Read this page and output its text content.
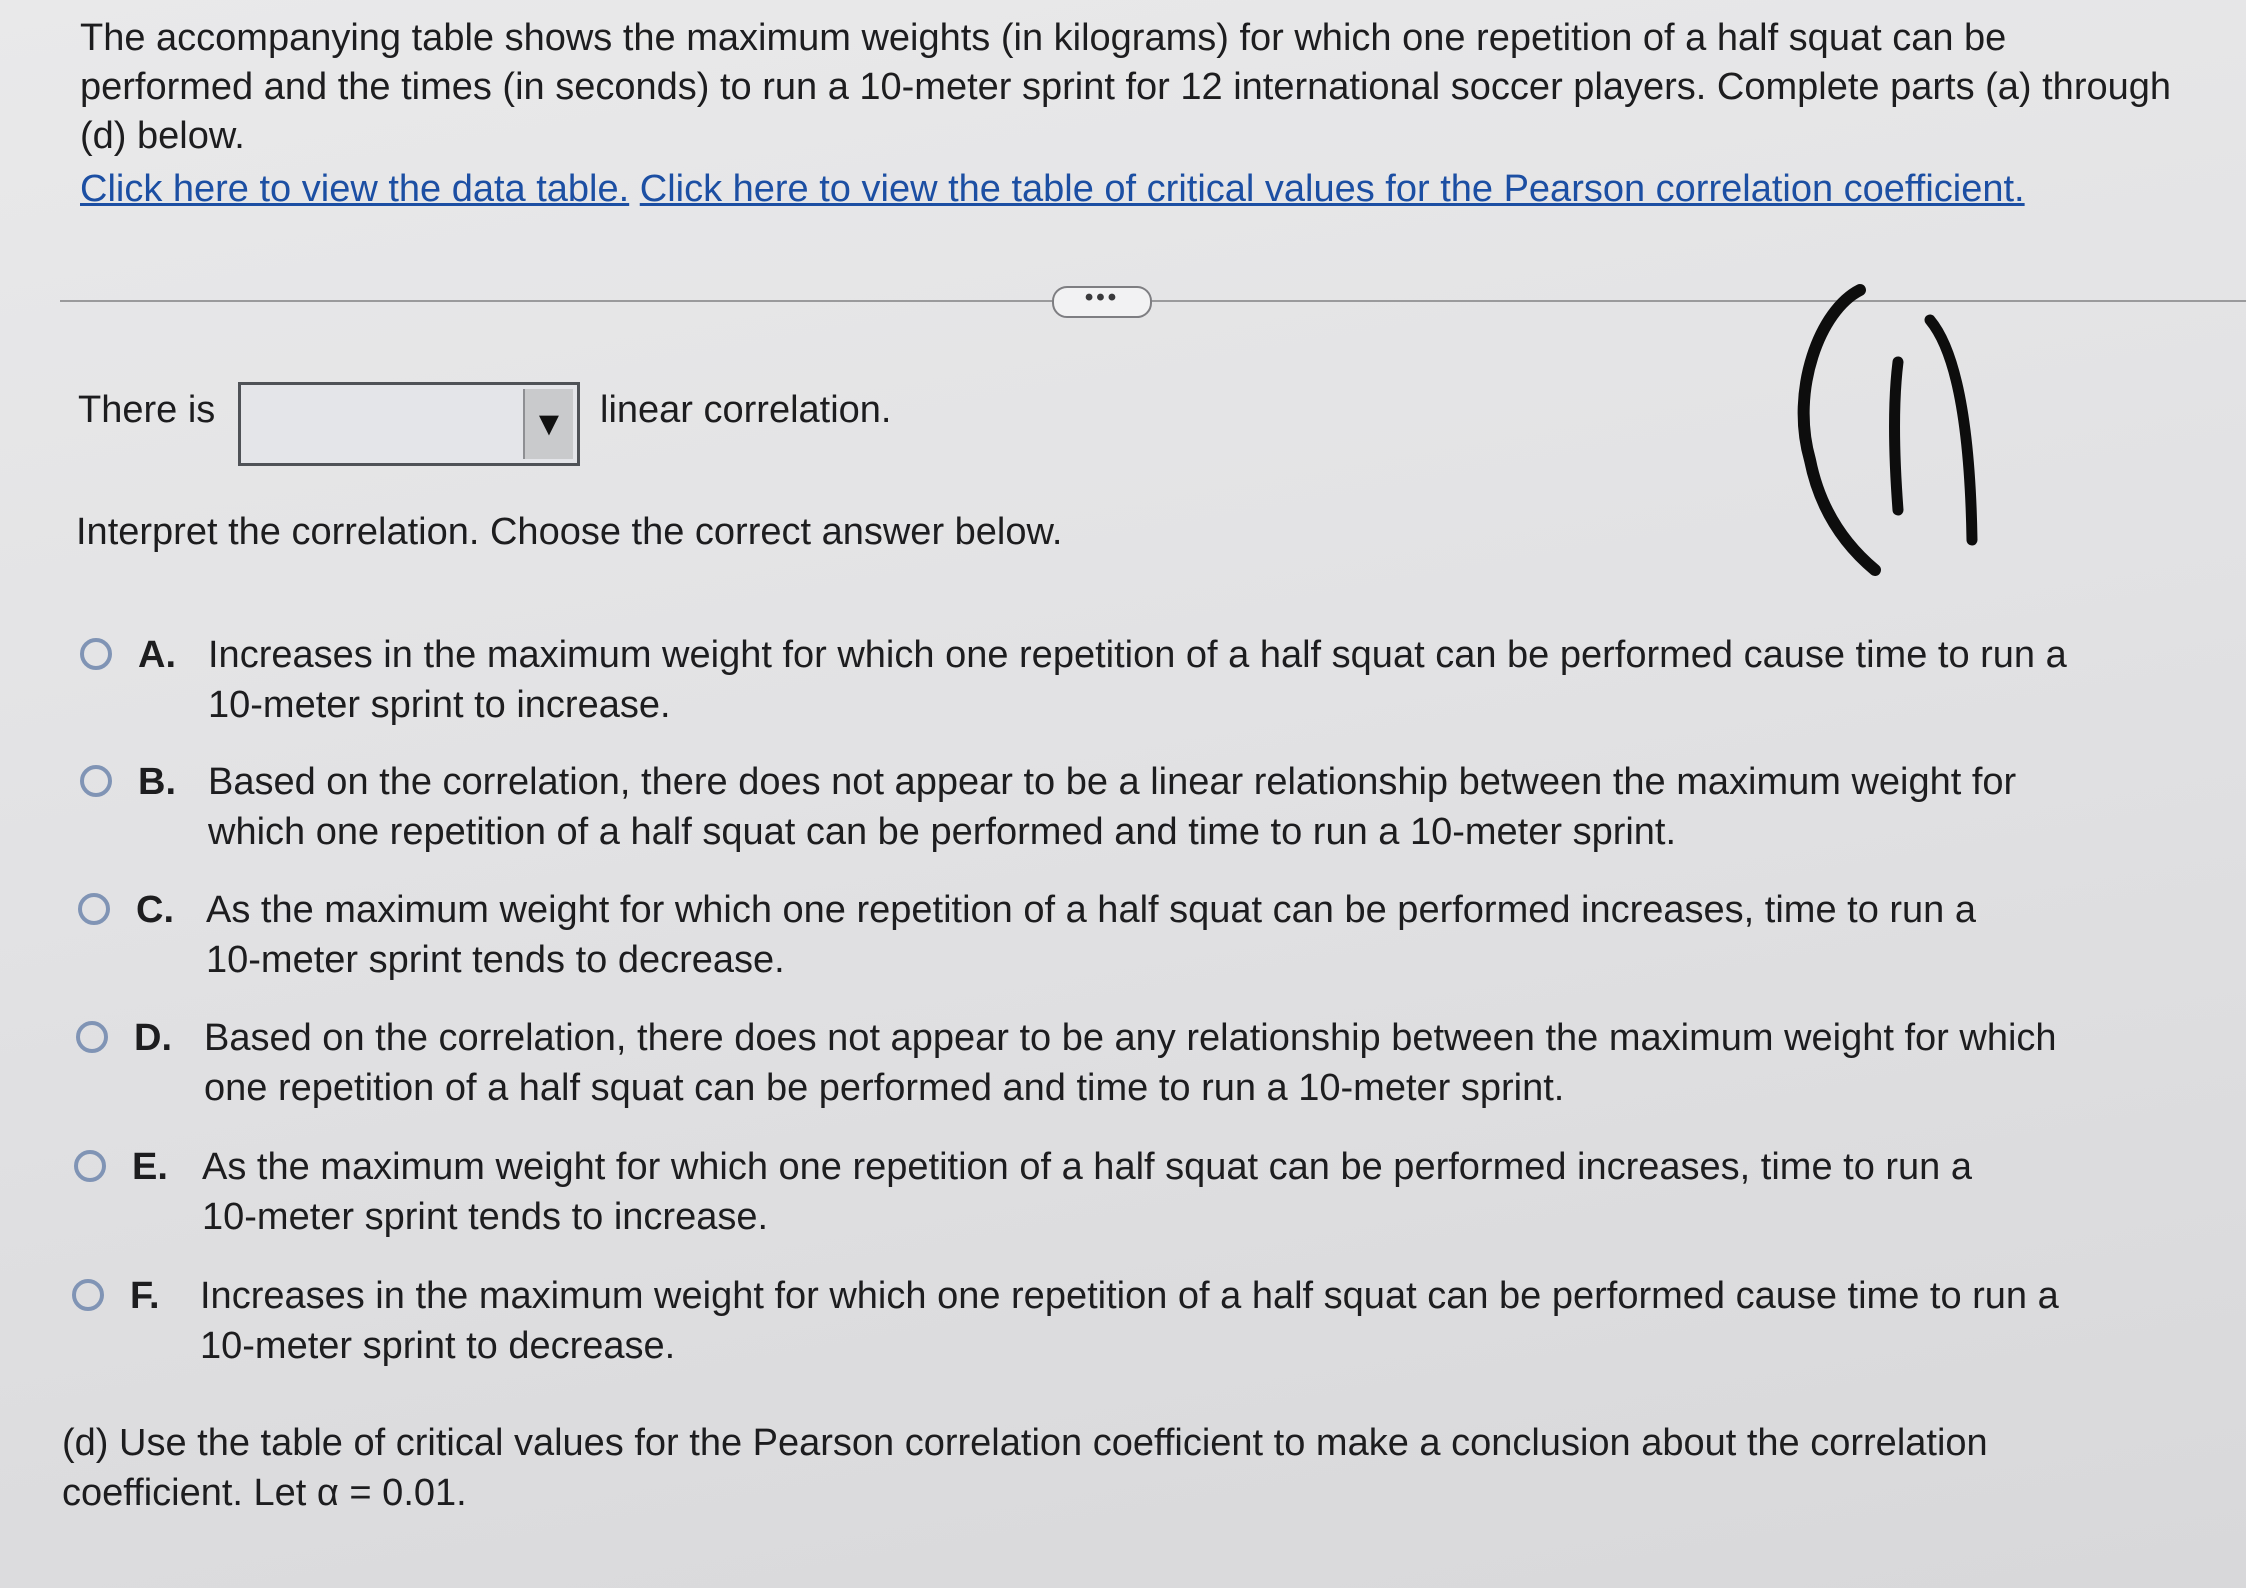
The accompanying table shows the maximum weights (in kilograms) for which one repetition of a half squat can be performed and the times (in seconds) to run a 10-meter sprint for 12 international soccer players. Complete parts (a) through (d) below.
Click here to view the data table. Click here to view the table of critical values for the Pearson correlation coefficient.
•••
There is	▼ linear correlation.
Interpret the correlation. Choose the correct answer below.
A. Increases in the maximum weight for which one repetition of a half squat can be performed cause time to run a
10-meter sprint to increase.
B. Based on the correlation, there does not appear to be a linear relationship between the maximum weight for
which one repetition of a half squat can be performed and time to run a 10-meter sprint.
C. As the maximum weight for which one repetition of a half squat can be performed increases, time to run a
10-meter sprint tends to decrease.
D. Based on the correlation, there does not appear to be any relationship between the maximum weight for which
one repetition of a half squat can be performed and time to run a 10-meter sprint.
E. As the maximum weight for which one repetition of a half squat can be performed increases, time to run a
10-meter sprint tends to increase.
F. Increases in the maximum weight for which one repetition of a half squat can be performed cause time to run a
10-meter sprint to decrease.
(d) Use the table of critical values for the Pearson correlation coefficient to make a conclusion about the correlation
coefficient. Let α = 0.01.
